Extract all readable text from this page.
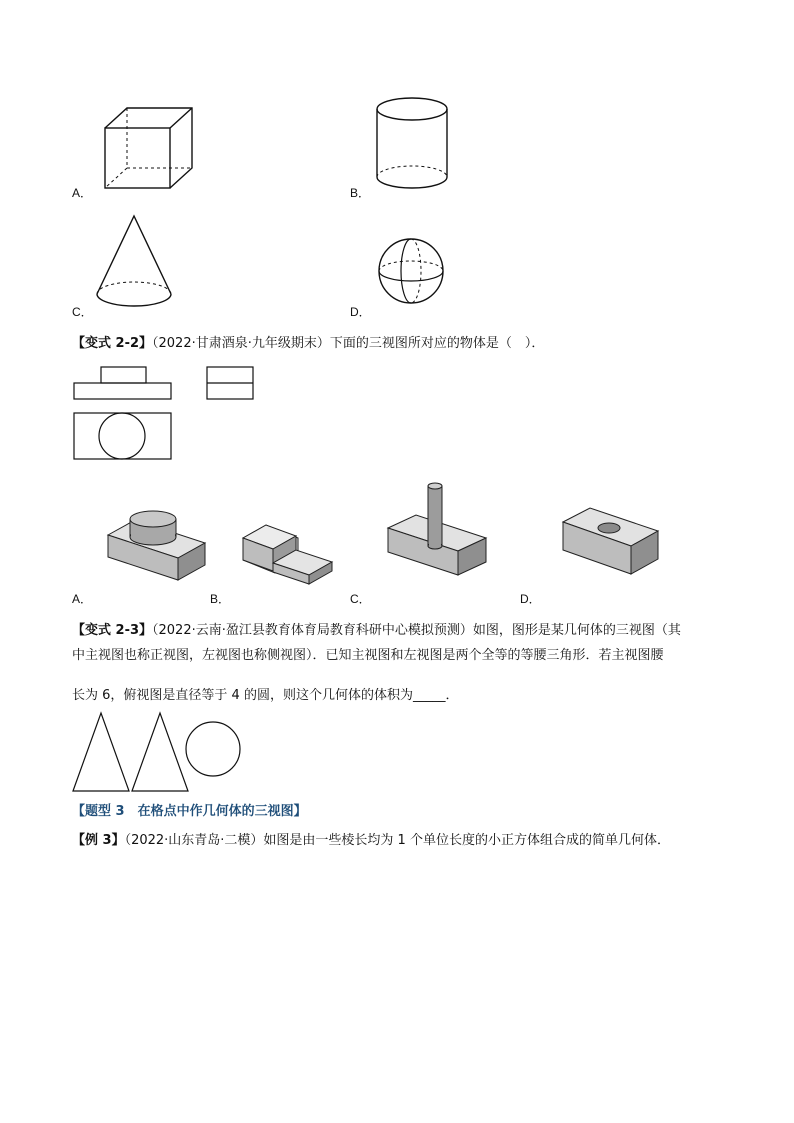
A．	B．
C．	D．
【变式 2-2】（2022·甘肃酒泉·九年级期末）下面的三视图所对应的物体是（　）．
A．	B．	C．	D．
【变式 2-3】（2022·云南·盈江县教育体育局教育科研中心模拟预测）如图，图形是某几何体的三视图（其
中主视图也称正视图，左视图也称侧视图）．已知主视图和左视图是两个全等的等腰三角形．若主视图腰
长为 6，俯视图是直径等于 4 的圆，则这个几何体的体积为_____．
【题型 3　在格点中作几何体的三视图】
【例 3】（2022·山东青岛·二模）如图是由一些棱长均为 1 个单位长度的小正方体组合成的简单几何体．
